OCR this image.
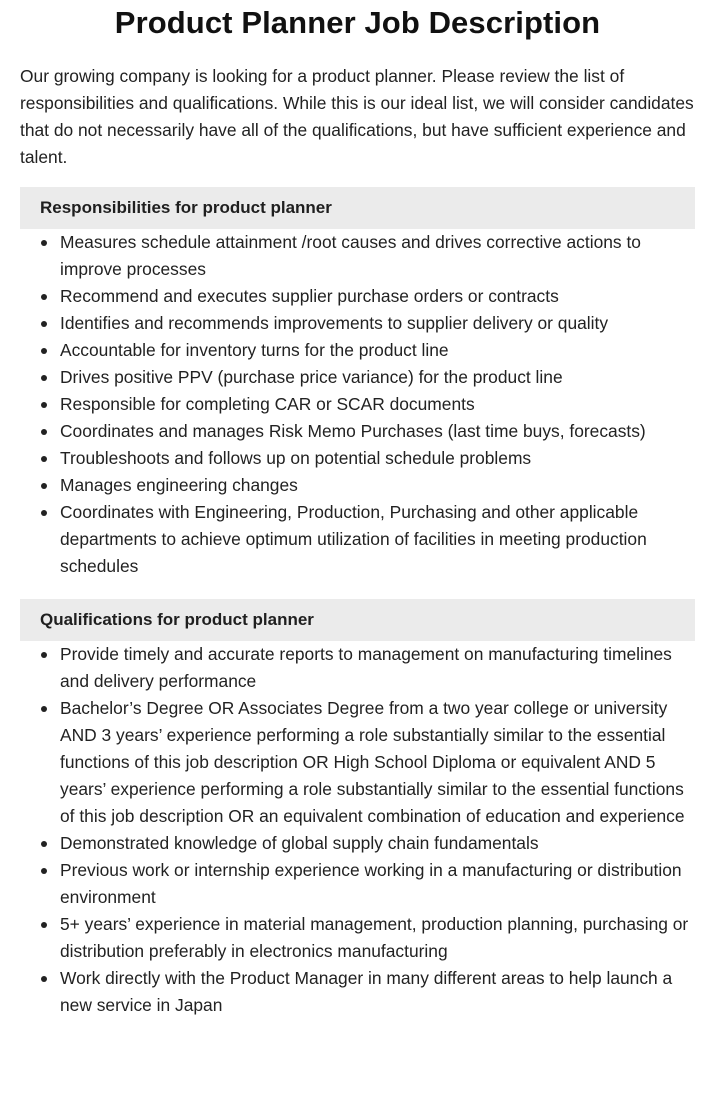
Product Planner Job Description

Our growing company is looking for a product planner. Please review the list of responsibilities and qualifications. While this is our ideal list, we will consider candidates that do not necessarily have all of the qualifications, but have sufficient experience and talent.

Responsibilities for product planner
Measures schedule attainment /root causes and drives corrective actions to improve processes
Recommend and executes supplier purchase orders or contracts
Identifies and recommends improvements to supplier delivery or quality
Accountable for inventory turns for the product line
Drives positive PPV (purchase price variance) for the product line
Responsible for completing CAR or SCAR documents
Coordinates and manages Risk Memo Purchases (last time buys, forecasts)
Troubleshoots and follows up on potential schedule problems
Manages engineering changes
Coordinates with Engineering, Production, Purchasing and other applicable departments to achieve optimum utilization of facilities in meeting production schedules
Qualifications for product planner
Provide timely and accurate reports to management on manufacturing timelines and delivery performance
Bachelor’s Degree OR Associates Degree from a two year college or university AND 3 years’ experience performing a role substantially similar to the essential functions of this job description OR High School Diploma or equivalent AND 5 years’ experience performing a role substantially similar to the essential functions of this job description OR an equivalent combination of education and experience
Demonstrated knowledge of global supply chain fundamentals
Previous work or internship experience working in a manufacturing or distribution environment
5+ years’ experience in material management, production planning, purchasing or distribution preferably in electronics manufacturing
Work directly with the Product Manager in many different areas to help launch a new service in Japan
